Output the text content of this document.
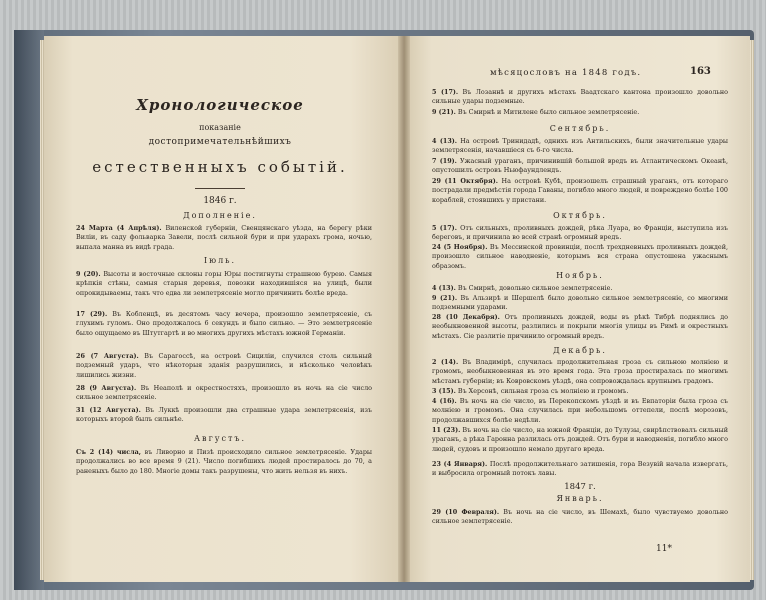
Хронологическое
показанiе
достопримечательнѣйшихъ
естественныхъ событiй.
1846 г.
Дополненiе.
24 Марта (4 Апрѣля). Виленской губернiи, Свенцянскаго уѣзда, на берегу рѣки Вилiи, въ саду фольварка Завели, послѣ сильной бури и при ударахъ грома, ночью, выпала манна въ видѣ града.
Iюль.
9 (20). Высоты и восточные склоны горы Юры постигнуты страшною бурею. Самыя крѣпкiя стѣны, самыя старыя деревья, повозки находившiяся на улицѣ, были опрокидываемы, такъ что едва ли землетрясенiе могло причинить болѣе вреда.
17 (29). Въ Кобленцѣ, въ десятомъ часу вечера, произошло землетрясенiе, съ глухимъ гуломъ. Оно продолжалось 6 секундъ и было сильно. — Это землетрясенiе было ощущаемо въ Штутгартѣ и во многихъ другихъ мѣстахъ южной Германiи.
26 (7 Августа). Въ Сарагоссѣ, на островѣ Сицилiи, случился столь сильный подземный ударъ, что нѣкоторыя зданiя разрушились, и нѣсколько человѣкъ лишились жизни.
28 (9 Августа). Въ Неаполѣ и окрестностяхъ, произошло въ ночь на сiе число сильное землетрясенiе.
31 (12 Августа). Въ Луккѣ произошли два страшные удара землетрясенiя, изъ которыхъ второй былъ сильнѣе.
Августъ.
Съ 2 (14) числа, въ Ливорно и Пизѣ происходило сильное землетрясенiе. Удары продолжались во все время 9 (21). Число погибшихъ людей простиралось до 70, а раненыхъ было до 180. Многiе домы такъ разрушены, что жить нельзя въ нихъ.
мѣсяцословъ на 1848 годъ.	163
5 (17). Въ Лозаннѣ и другихъ мѣстахъ Ваадтскаго кантона произошло довольно сильные удары подземные.
9 (21). Въ Смирнѣ и Митилене было сильное землетрясенiе.
Сентябрь.
4 (13). На островѣ Тринидадѣ, однихъ изъ Антильскихъ, были значительные удары землетрясенiя, начавшiеся съ 6-го числа.
7 (19). Ужасный ураганъ, причинившiй большой вредъ въ Атлантическомъ Океанѣ, опустошилъ островъ Ньюфаундлендъ.
29 (11 Октября). На островѣ Кубѣ, произошелъ страшный ураганъ, отъ котораго пострадали предмѣстiя города Гаваны, погибло много людей, и повреждено болѣе 100 кораблей, стоявшихъ у пристани.
Октябрь.
5 (17). Отъ сильныхъ, проливныхъ дождей, рѣка Луара, во Францiи, выступила изъ береговъ, и причинила во всей странѣ огромный вредъ.
24 (5 Ноября). Въ Мессинской провинцiи, послѣ трехдневныхъ проливныхъ дождей, произошло сильное наводненiе, которымъ вся страна опустошена ужаснымъ образомъ.
Ноябрь.
4 (13). Въ Смирнѣ, довольно сильное землетрясенiе.
9 (21). Въ Альзирѣ и Шершелѣ было довольно сильное землетрясенiе, со многими подземными ударами.
28 (10 Декабря). Отъ проливныхъ дождей, воды въ рѣкѣ Тибрѣ поднялись до необыкновенной высоты, разлились и покрыли многiя улицы въ Римѣ и окрестныхъ мѣстахъ. Сiе разлитiе причинило огромный вредъ.
Декабрь.
2 (14). Въ Владимiрѣ, случилась продолжительная гроза съ сильною молнiею и громомъ, необыкновенная въ это время года. Эта гроза простиралась по многимъ мѣстамъ губернiи; въ Ковровскомъ уѣздѣ, она сопровождалась крупнымъ градомъ.
3 (15). Въ Херсонѣ, сильная гроза съ молнiею и громомъ.
4 (16). Въ ночь на сiе число, въ Перекопскомъ уѣздѣ и въ Евпаторiи была гроза съ молнiею и громомъ. Она случилась при небольшомъ оттепели, послѣ морозовъ, продолжавшихся болѣе недѣли.
11 (23). Въ ночь на сiе число, на южной Францiи, до Тулузы, свирѣпствовалъ сильный ураганъ, а рѣка Гаронна разлилась отъ дождей. Отъ бури и наводненiя, погибло много людей, судовъ и произошло немало другаго вреда.
23 (4 Января). Послѣ продолжительнаго затишенiя, гора Везувiй начала извергать, и выбросила огромный потокъ лавы.
1847 г.
Январь.
29 (10 Февраля). Въ ночь на сiе число, въ Шемахѣ, было чувствуемо довольно сильное землетрясенiе.
11*
